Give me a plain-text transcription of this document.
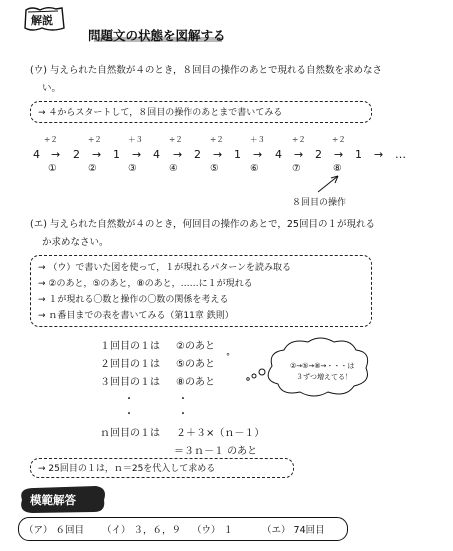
解説
問題文の状態を図解する
(ウ) 与えられた自然数が４のとき，８回目の操作のあとで現れる自然数を求めなさ
い。
→ ４からスタートして，８回目の操作のあとまで書いてみる
÷２	÷２	＋３	÷２	÷２	＋３	÷２	÷２
4 → 2 → 1 → 4 → 2 → 1 → 4 → 2 → 1 → …
①	②	③	④	⑤	⑥	⑦	⑧
８回目の操作
(エ) 与えられた自然数が４のとき，何回目の操作のあとで，25回目の１が現れる
か求めなさい。
→ （ウ）で書いた図を使って，１が現れるパターンを読み取る
→ ②のあと，⑤のあと，⑧のあと，……に１が現れる
→ １が現れる〇数と操作の〇数の関係を考える
→ ｎ番目までの表を書いてみる（第11章 鉄則）
１回目の１は ②のあと
２回目の１は ⑤のあと
°
３回目の１は ⑧のあと
・	・
・	・
ｎ回目の１は ２＋３×（ｎ－１）
＝３ｎ－１ のあと
②→⑤→⑧→・・・は
３ずつ増えてる！
→ 25回目の１は，ｎ＝25を代入して求める
模範解答
（ア） ６回目 （イ） ３，６，９ （ウ） １	（エ） 74回目
